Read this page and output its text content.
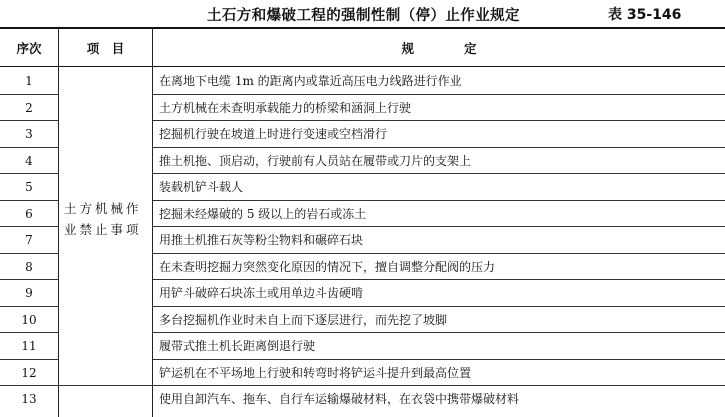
土石方和爆破工程的强制性制（停）止作业规定	表 35-146
序次	项　目	规　　　　定
土方机械作业禁止事项
1	在离地下电缆 1m 的距离内或靠近高压电力线路进行作业
2	土方机械在未查明承载能力的桥梁和涵洞上行驶
3	挖掘机行驶在坡道上时进行变速或空档滑行
4	推土机拖、顶启动，行驶前有人员站在履带或刀片的支架上
5	装载机铲斗载人
6	挖掘未经爆破的 5 级以上的岩石或冻土
7	用推土机推石灰等粉尘物料和碾碎石块
8	在未查明挖掘力突然变化原因的情况下，擅自调整分配阀的压力
9	用铲斗破碎石块冻土或用单边斗齿硬啃
10	多台挖掘机作业时未自上而下逐层进行，而先挖了坡脚
11	履带式推土机长距离倒退行驶
12	铲运机在不平场地上行驶和转弯时将铲运斗提升到最高位置
13	使用自卸汽车、拖车、自行车运输爆破材料，在衣袋中携带爆破材料
